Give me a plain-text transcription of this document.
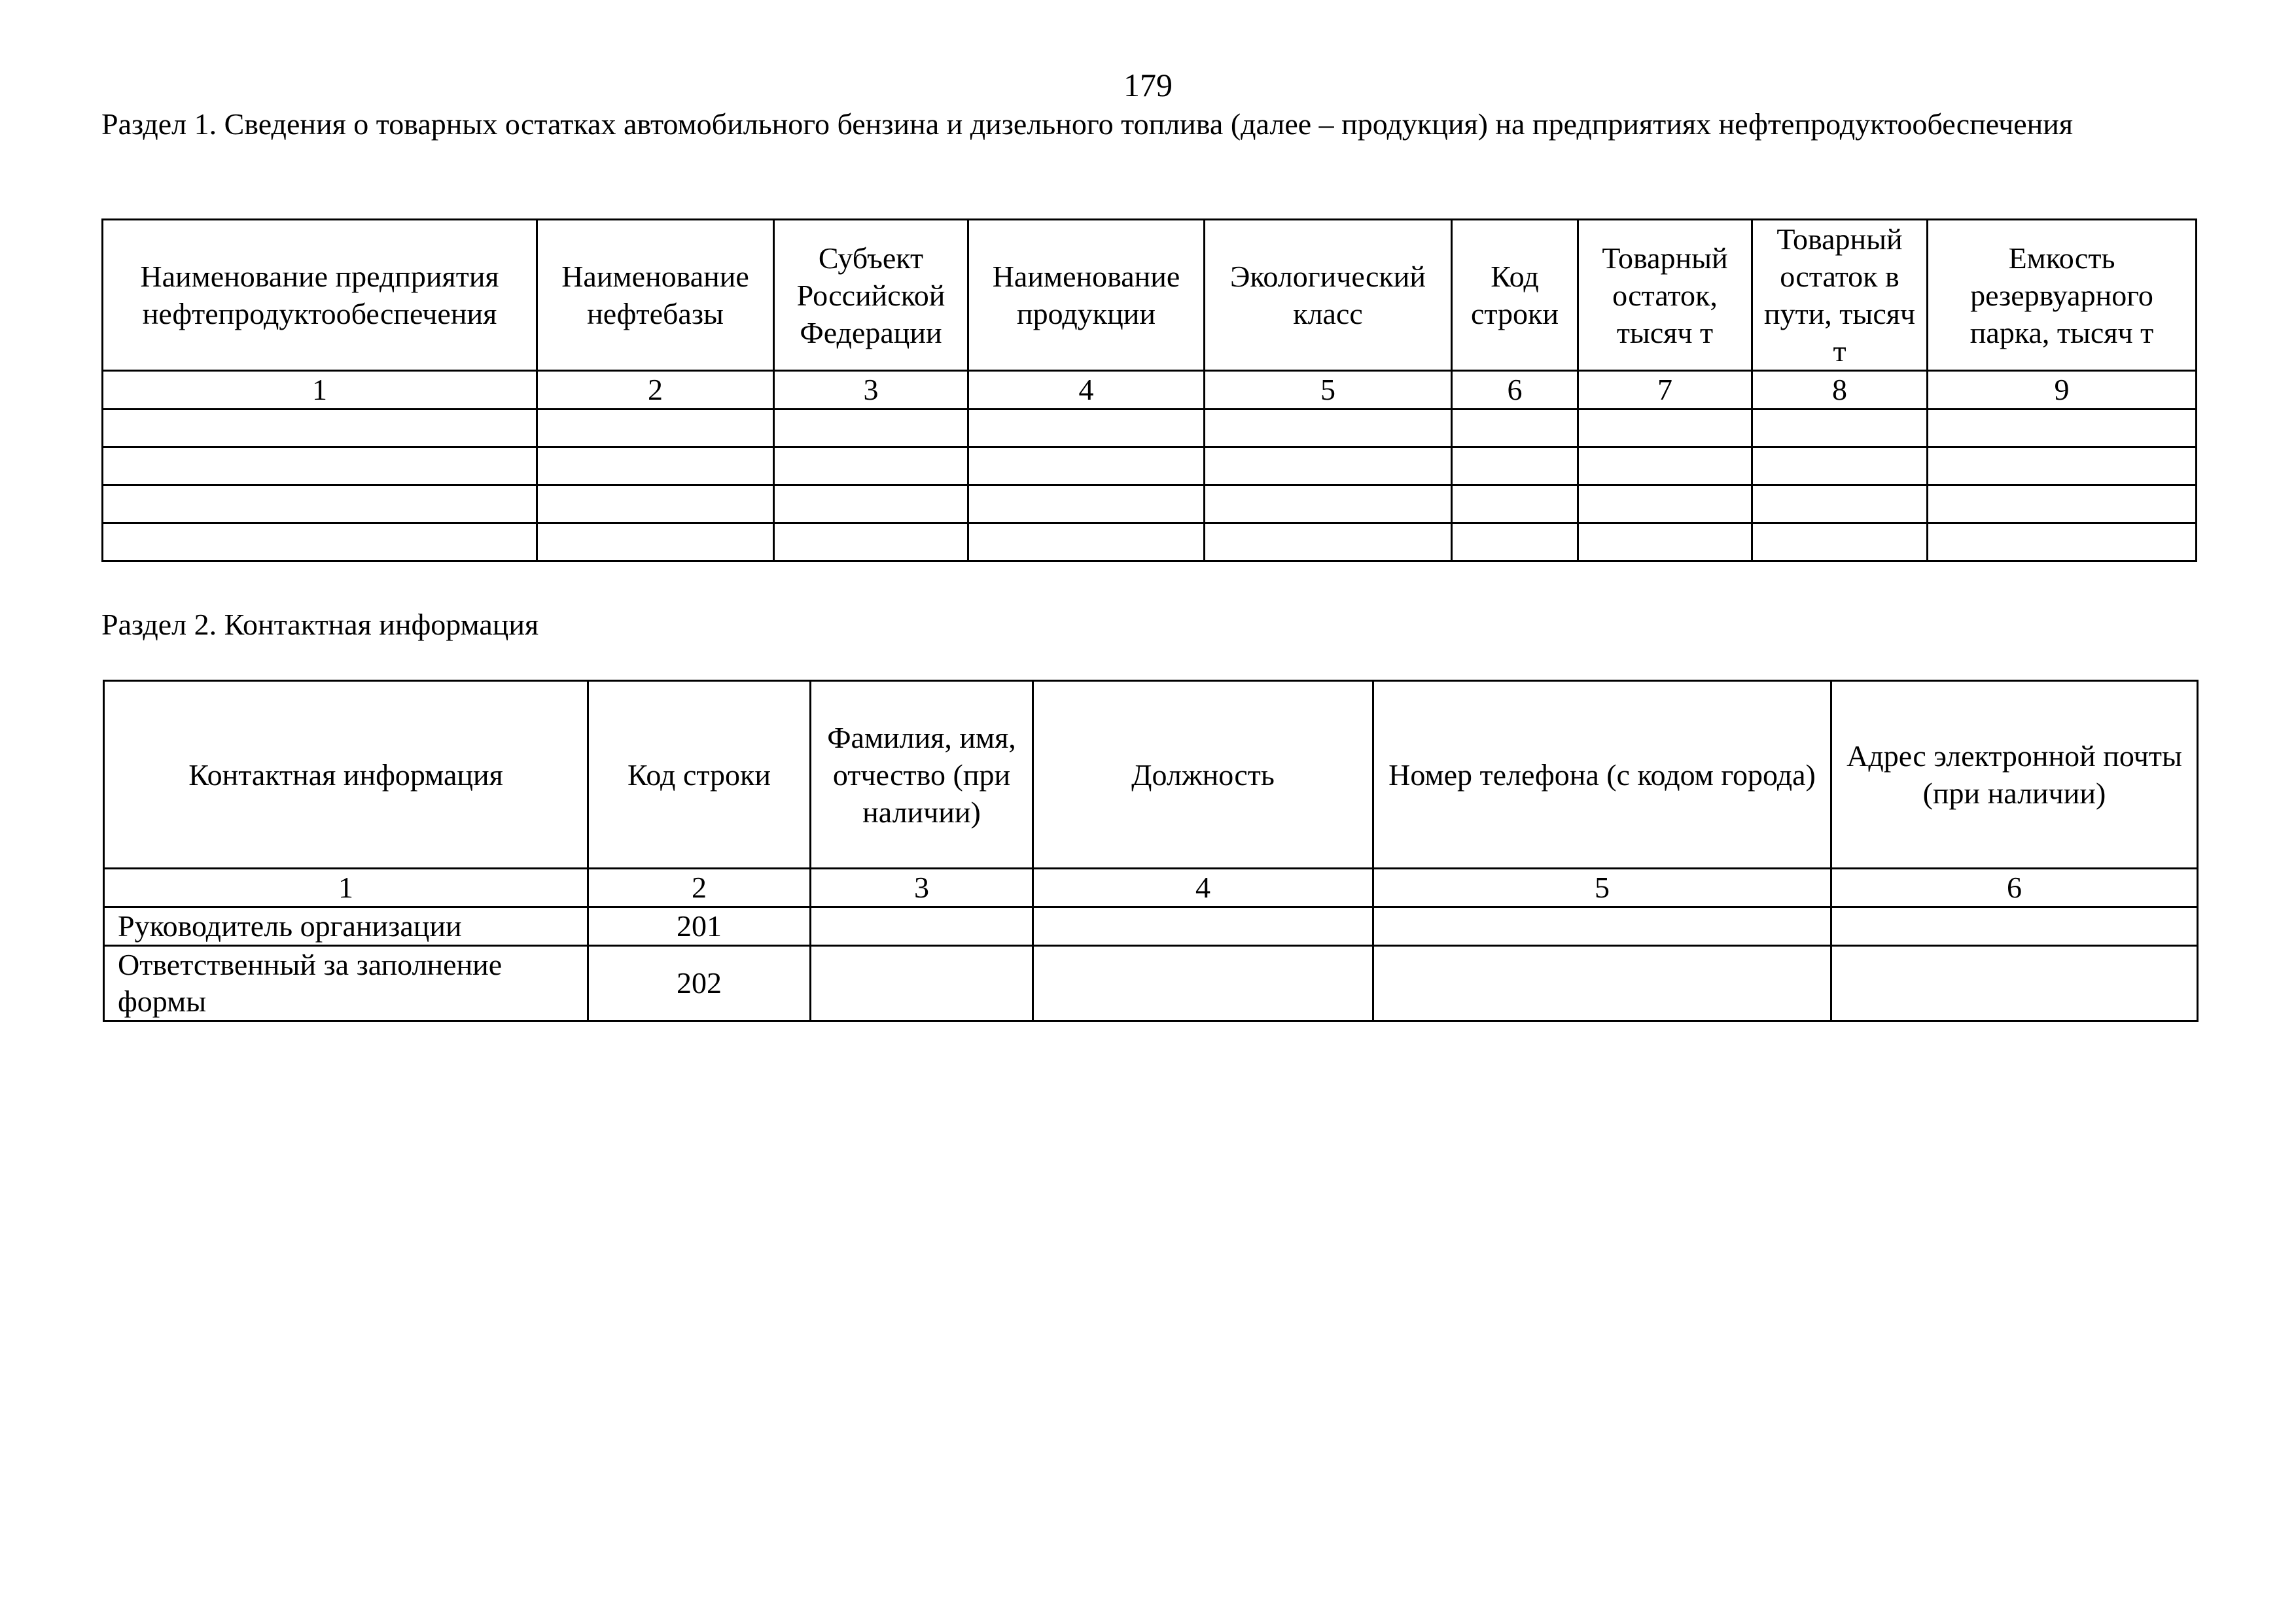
179
Раздел 1. Сведения о товарных остатках автомобильного бензина и дизельного топлива (далее – продукция) на предприятиях нефтепродуктообеспечения
Наименование предприятия нефтепродуктообеспечения	Наименование нефтебазы	Субъект Российской Федерации	Наименование продукции	Экологический класс	Код строки	Товарный остаток, тысяч т	Товарный остаток в пути, тысяч т	Емкость резервуарного парка, тысяч т
1	2	3	4	5	6	7	8	9

Раздел 2. Контактная информация
Контактная информация	Код строки	Фамилия, имя, отчество (при наличии)	Должность	Номер телефона (с кодом города)	Адрес электронной почты (при наличии)
1	2	3	4	5	6
Руководитель организации	201				
Ответственный за заполнение формы	202				
